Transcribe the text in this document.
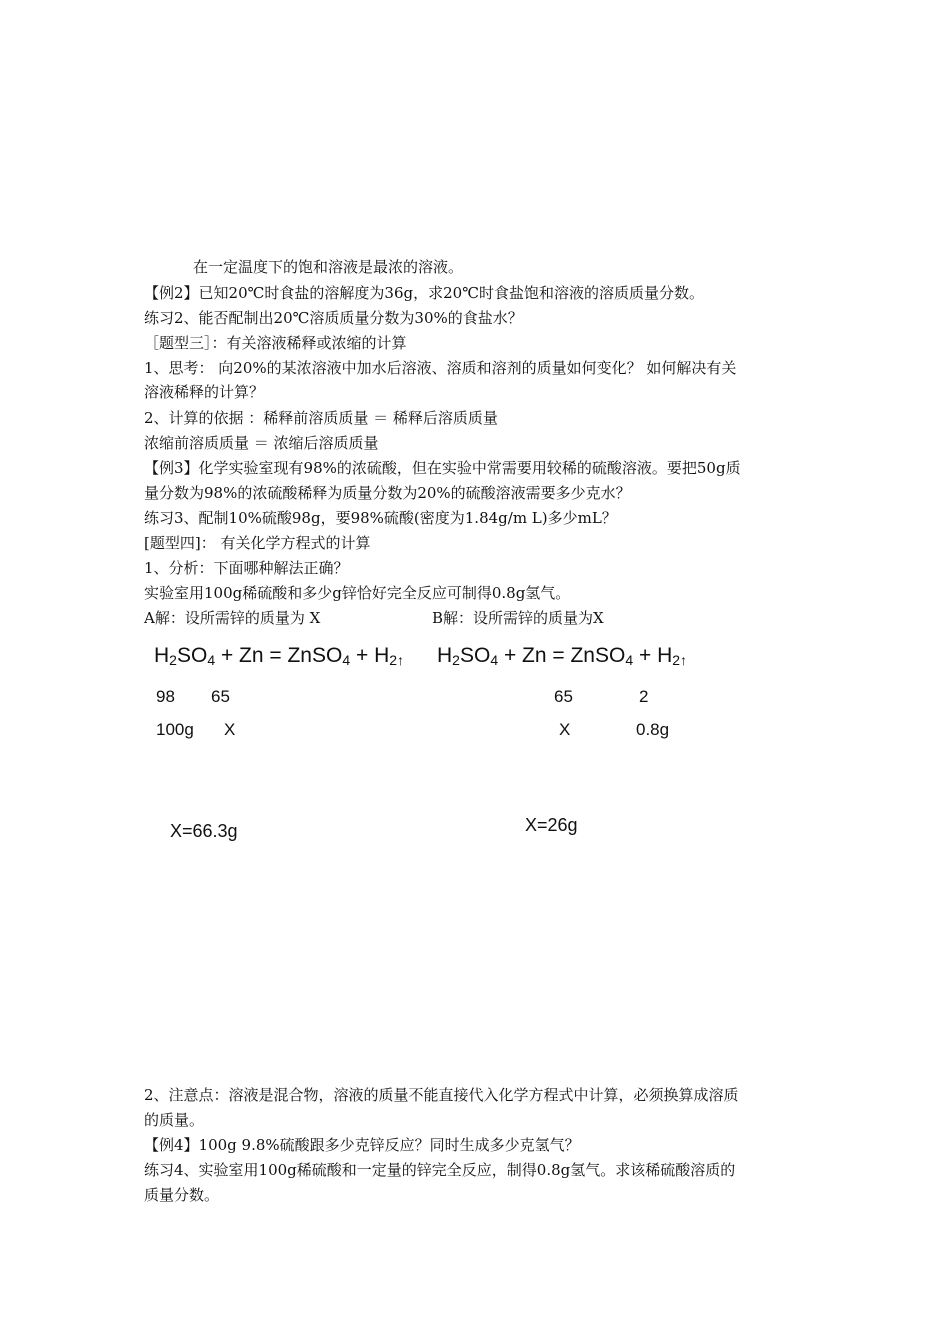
在一定温度下的饱和溶液是最浓的溶液。
【例2】已知20℃时食盐的溶解度为36g，求20℃时食盐饱和溶液的溶质质量分数。
练习2、能否配制出20℃溶质质量分数为30%的食盐水？
［题型三］：有关溶液稀释或浓缩的计算
1、思考： 向20%的某浓溶液中加水后溶液、溶质和溶剂的质量如何变化？ 如何解决有关
溶液稀释的计算？
2、计算的依据 ：稀释前溶质质量 ＝ 稀释后溶质质量
浓缩前溶质质量 ＝ 浓缩后溶质质量
【例3】化学实验室现有98%的浓硫酸，但在实验中常需要用较稀的硫酸溶液。要把50g质
量分数为98%的浓硫酸稀释为质量分数为20%的硫酸溶液需要多少克水？
练习3、配制10%硫酸98g，要98%硫酸(密度为1.84g/m L)多少mL？
[题型四]： 有关化学方程式的计算
1、分析：下面哪种解法正确？
实验室用100g稀硫酸和多少g锌恰好完全反应可制得0.8g氢气。
A解：设所需锌的质量为 X	B解：设所需锌的质量为X
$H_2SO_4 + Zn$ = ZnSO$_4$ + $H_{2↑}$ $H_2SO_4 + Zn$ = ZnSO$_4$ + $H_{2↑}$
98 65
100g X
X=66.3g
65	2
X	0.8g
X=26g
2、注意点：溶液是混合物，溶液的质量不能直接代入化学方程式中计算，必须换算成溶质
的质量。
【例4】100g 9.8%硫酸跟多少克锌反应？同时生成多少克氢气？
练习4、实验室用100g稀硫酸和一定量的锌完全反应，制得0.8g氢气。求该稀硫酸溶质的
质量分数。
